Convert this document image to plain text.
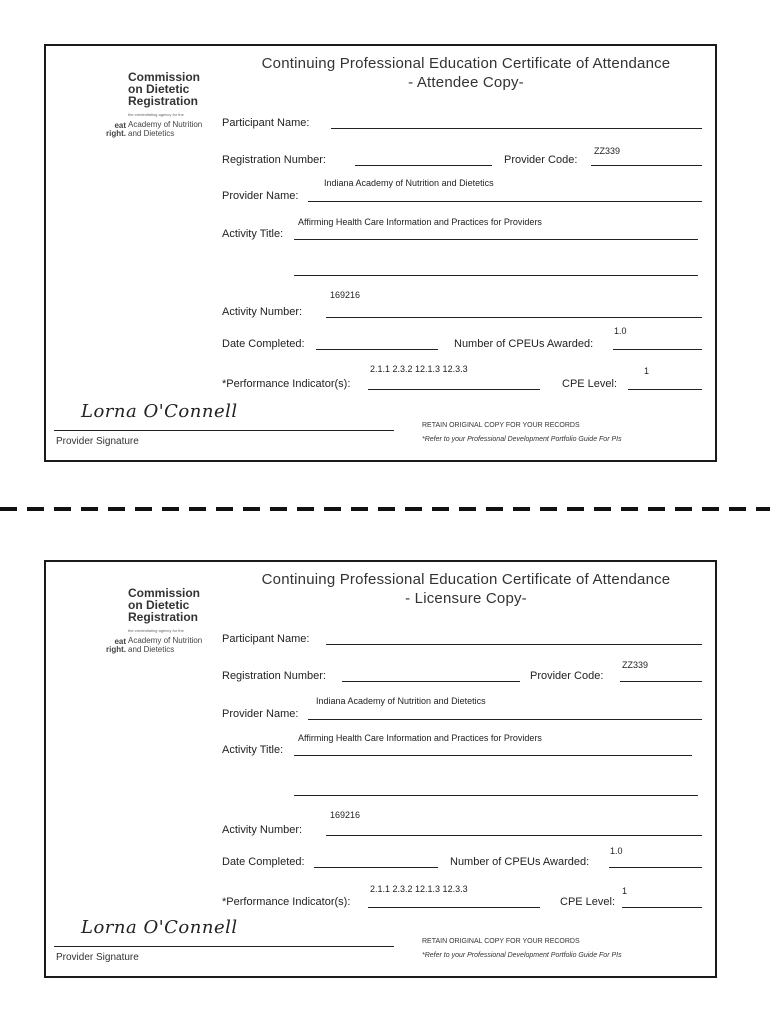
Commission
on Dietetic
Registration
the credentialing agency for the
eat
right.
Academy of Nutrition
and Dietetics
Continuing Professional Education Certificate of Attendance
- Attendee Copy-
Participant Name:
Registration Number:	Provider Code:
ZZ339
Provider Name:
Indiana Academy of Nutrition and Dietetics
Activity Title:
Affirming Health Care Information and Practices for Providers
Activity Number:
169216
Date Completed:	Number of CPEUs Awarded:
1.0
*Performance Indicator(s):
2.1.1 2.3.2 12.1.3 12.3.3
CPE Level:
1
Lorna O'Connell
Provider Signature
RETAIN ORIGINAL COPY FOR YOUR RECORDS
*Refer to your Professional Development Portfolio Guide For PIs
Commission
on Dietetic
Registration
the credentialing agency for the
eat
right.
Academy of Nutrition
and Dietetics
Continuing Professional Education Certificate of Attendance
- Licensure Copy-
Participant Name:
Registration Number:	Provider Code:
ZZ339
Provider Name:
Indiana Academy of Nutrition and Dietetics
Activity Title:
Affirming Health Care Information and Practices for Providers
Activity Number:
169216
Date Completed:	Number of CPEUs Awarded:
1.0
*Performance Indicator(s):
2.1.1 2.3.2 12.1.3 12.3.3
CPE Level:
1
Lorna O'Connell
Provider Signature
RETAIN ORIGINAL COPY FOR YOUR RECORDS
*Refer to your Professional Development Portfolio Guide For PIs
